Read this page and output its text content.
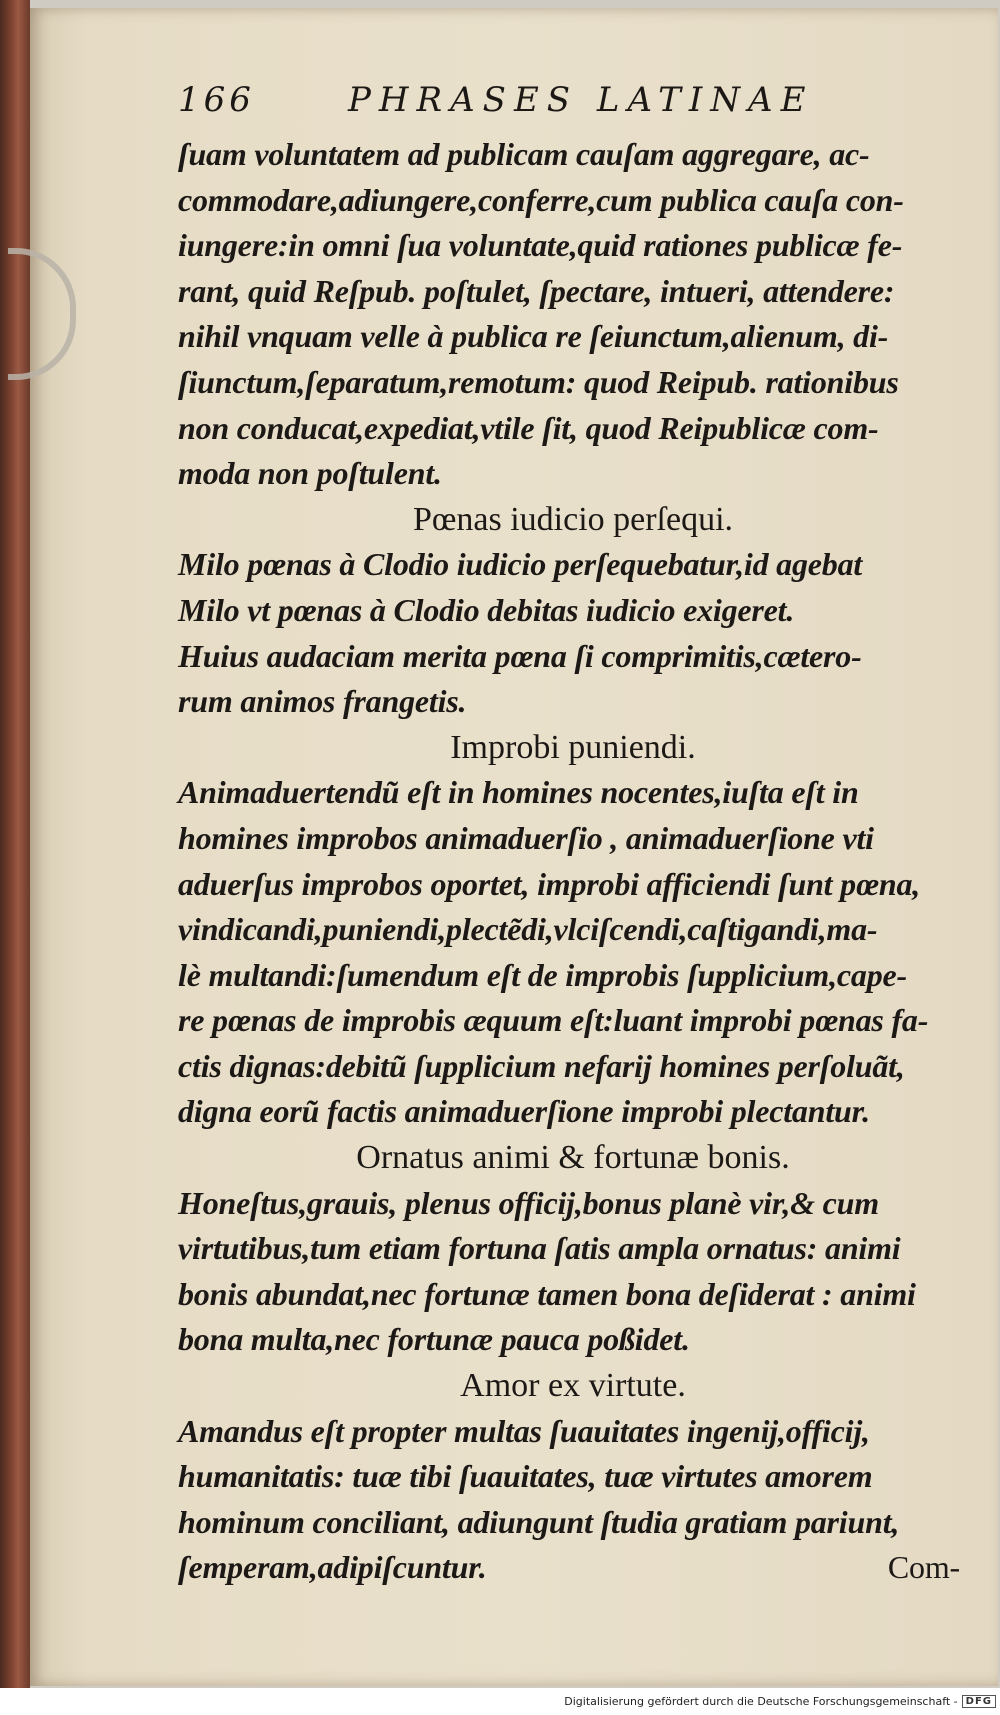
166	PHRASES LATINAE
ſuam voluntatem ad publicam cauſam aggregare, ac-
commodare,adiungere,conferre,cum publica cauſa con-
iungere:in omni ſua voluntate,quid rationes publicæ fe-
rant, quid Reſpub. poſtulet, ſpectare, intueri, attendere:
nihil vnquam velle à publica re ſeiunctum,alienum, di-
ſiunctum,ſeparatum,remotum: quod Reipub. rationibus
non conducat,expediat,vtile ſit, quod Reipublicæ com-
moda non poſtulent.
Pœnas iudicio perſequi.
Milo pœnas à Clodio iudicio perſequebatur,id agebat
Milo vt pœnas à Clodio debitas iudicio exigeret.
Huius audaciam merita pœna ſi comprimitis,cætero-
rum animos frangetis.
Improbi puniendi.
Animaduertendũ eſt in homines nocentes,iuſta eſt in
homines improbos animaduerſio , animaduerſione vti
aduerſus improbos oportet, improbi afficiendi ſunt pœna,
vindicandi,puniendi,plectẽdi,vlciſcendi,caſtigandi,ma-
lè multandi:ſumendum eſt de improbis ſupplicium,cape-
re pœnas de improbis æquum eſt:luant improbi pœnas fa-
ctis dignas:debitũ ſupplicium nefarij homines perſoluãt,
digna eorũ factis animaduerſione improbi plectantur.
Ornatus animi & fortunæ bonis.
Honeſtus,grauis, plenus officij,bonus planè vir,& cum
virtutibus,tum etiam fortuna ſatis ampla ornatus: animi
bonis abundat,nec fortunæ tamen bona deſiderat : animi
bona multa,nec fortunæ pauca poßidet.
Amor ex virtute.
Amandus eſt propter multas ſuauitates ingenij,officij,
humanitatis: tuæ tibi ſuauitates, tuæ virtutes amorem
hominum conciliant, adiungunt ſtudia gratiam pariunt,
ſemperam,adipiſcuntur.	Com-
Digitalisierung gefördert durch die Deutsche Forschungsgemeinschaft - DFG
